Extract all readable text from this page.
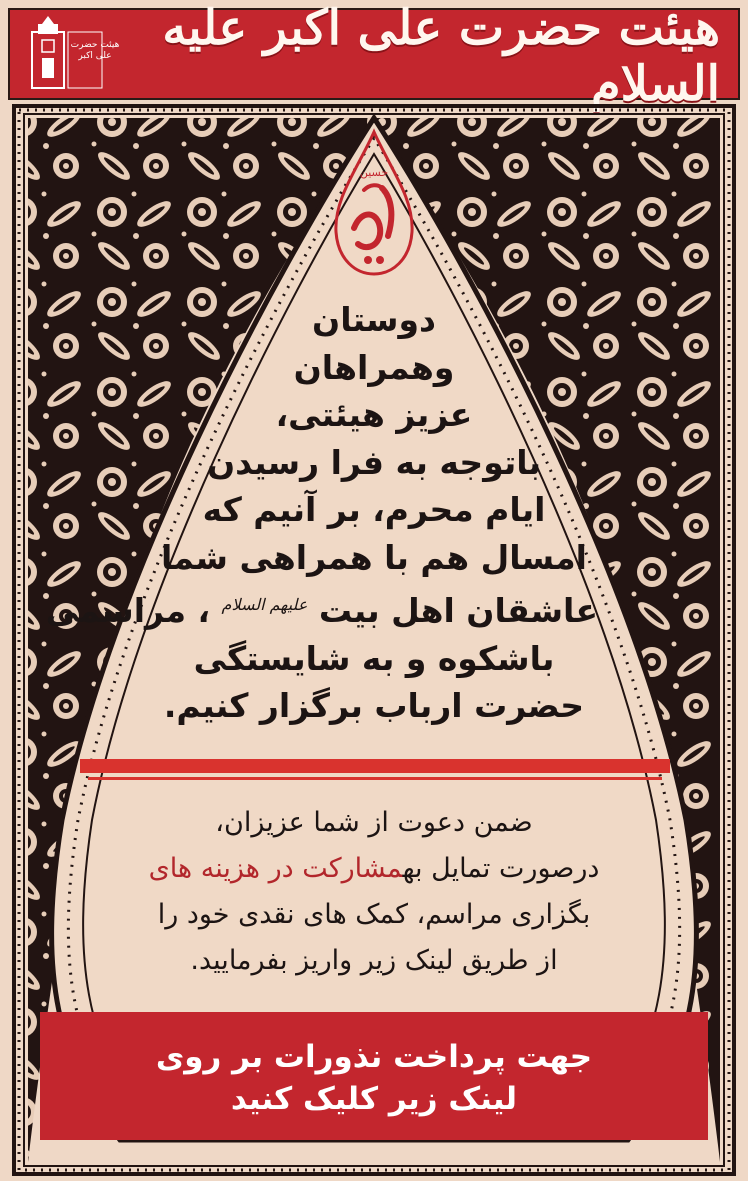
هیئت حضرت علی اکبر	هیئت حضرت علی اکبر علیه السلام
حسین
دوستان
وهمراهان
عزیز هیئتی،
باتوجه به فرا رسیدن
ایام محرم، بر آنیم که
امسال هم با همراهی شما
عاشقان اهل بیت $^{علیهم السلام}$ ، مراسمی
باشکوه و به شایستگی
حضرت ارباب برگزار کنیم.
ضمن دعوت از شما عزیزان،
درصورت تمایل بهمشارکت در هزینه های
بگزاری مراسم، کمک های نقدی خود را
از طریق لینک زیر واریز بفرمایید.
جهت پرداخت نذورات بر روی
لینک زیر کلیک کنید
